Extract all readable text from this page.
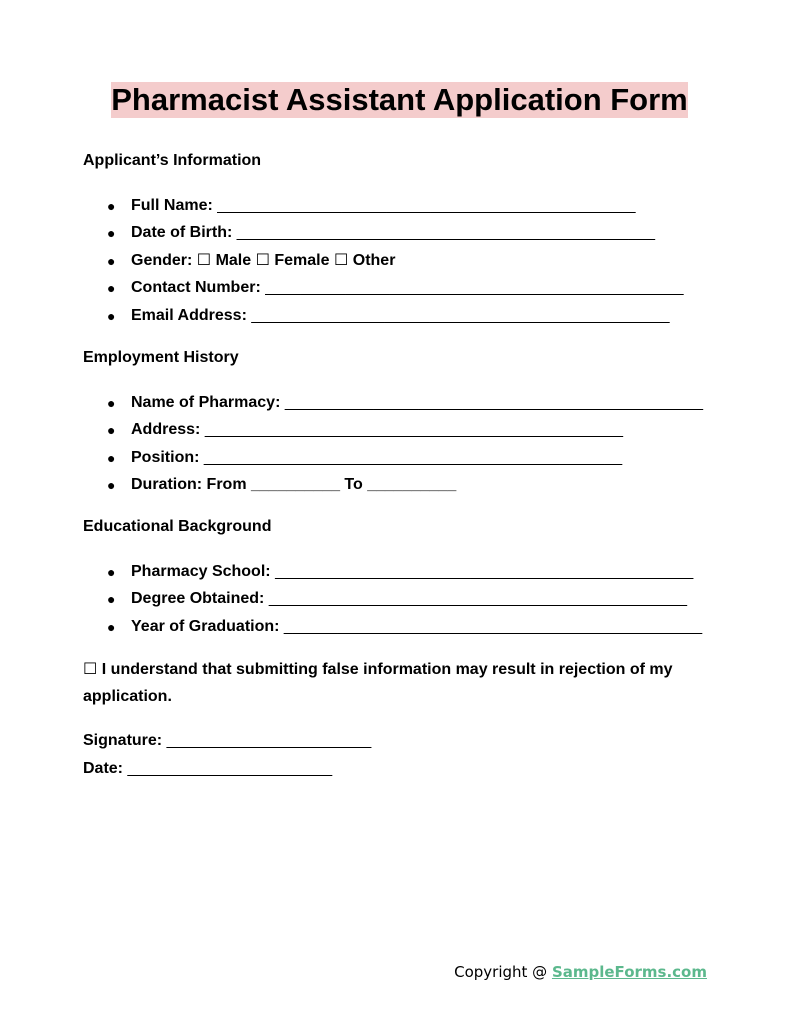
Pharmacist Assistant Application Form
Applicant’s Information
● Full Name: _______________________________________________
● Date of Birth: _______________________________________________
● Gender: ☐ Male ☐ Female ☐ Other
● Contact Number: _______________________________________________
● Email Address: _______________________________________________
Employment History
● Name of Pharmacy: _______________________________________________
● Address: _______________________________________________
● Position: _______________________________________________
● Duration: From __________ To __________
Educational Background
● Pharmacy School: _______________________________________________
● Degree Obtained: _______________________________________________
● Year of Graduation: _______________________________________________
☐ I understand that submitting false information may result in rejection of my application.
Signature: _______________________
Date: _______________________
Copyright @ SampleForms.com
